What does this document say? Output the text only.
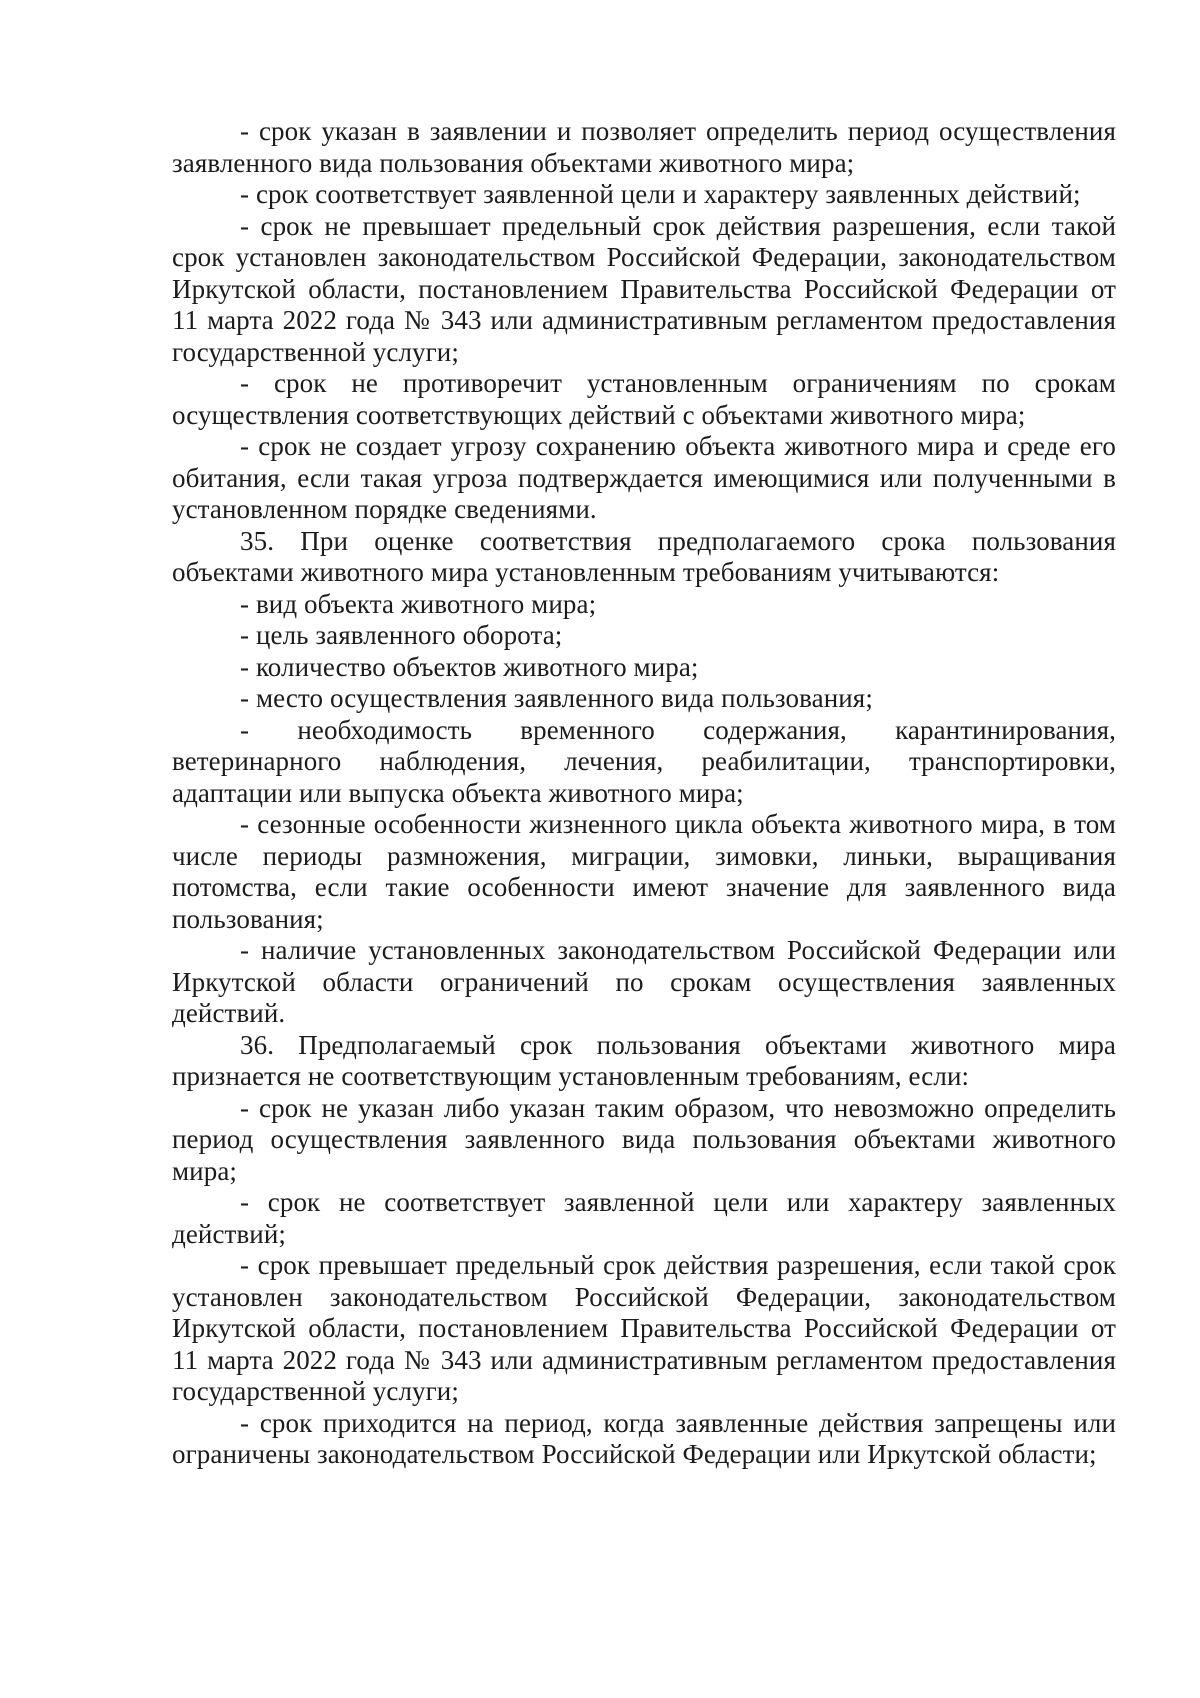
- срок указан в заявлении и позволяет определить период осуществления заявленного вида пользования объектами животного мира;

- срок соответствует заявленной цели и характеру заявленных действий;

- срок не превышает предельный срок действия разрешения, если такой срок установлен законодательством Российской Федерации, законодательством Иркутской области, постановлением Правительства Российской Федерации от 11 марта 2022 года № 343 или административным регламентом предоставления государственной услуги;

- срок не противоречит установленным ограничениям по срокам осуществления соответствующих действий с объектами животного мира;

- срок не создает угрозу сохранению объекта животного мира и среде его обитания, если такая угроза подтверждается имеющимися или полученными в установленном порядке сведениями.

35. При оценке соответствия предполагаемого срока пользования объектами животного мира установленным требованиям учитываются:

- вид объекта животного мира;

- цель заявленного оборота;

- количество объектов животного мира;

- место осуществления заявленного вида пользования;

- необходимость временного содержания, карантинирования, ветеринарного наблюдения, лечения, реабилитации, транспортировки, адаптации или выпуска объекта животного мира;

- сезонные особенности жизненного цикла объекта животного мира, в том числе периоды размножения, миграции, зимовки, линьки, выращивания потомства, если такие особенности имеют значение для заявленного вида пользования;

- наличие установленных законодательством Российской Федерации или Иркутской области ограничений по срокам осуществления заявленных действий.

36. Предполагаемый срок пользования объектами животного мира признается не соответствующим установленным требованиям, если:

- срок не указан либо указан таким образом, что невозможно определить период осуществления заявленного вида пользования объектами животного мира;

- срок не соответствует заявленной цели или характеру заявленных действий;

- срок превышает предельный срок действия разрешения, если такой срок установлен законодательством Российской Федерации, законодательством Иркутской области, постановлением Правительства Российской Федерации от 11 марта 2022 года № 343 или административным регламентом предоставления государственной услуги;

- срок приходится на период, когда заявленные действия запрещены или ограничены законодательством Российской Федерации или Иркутской области;
